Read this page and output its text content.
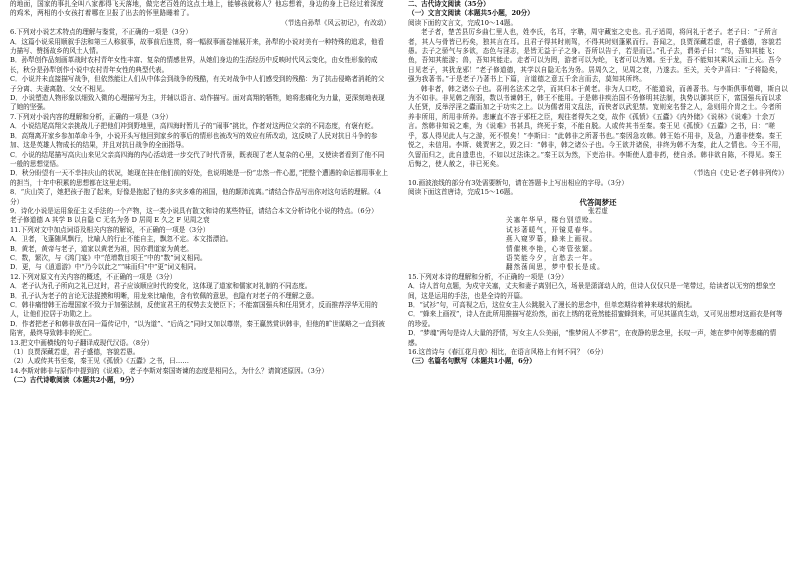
的地面，国家的事扎全叫八家都得飞天落地，做完老百姓的这点土地上，能够孩就称人？他忘想着，身边的身上已经过着深度的鸡米，两相的小女孩打着哪在卫报了出去的怀里路睡着了。

（节选自孙犁《风云初记》，有改动）

6.下列对小说艺术特点的理解与鉴赏，不正确的一项是（3分）

A．这篇小说采用顺叙手法和第三人称叙事，故事前后连贯，将一幅叙事画卷铺展开来，孙犁的小说对美有一种特殊的追求，他看力描写、赞扬故乡的风土人情。

B．孙犁创作品刻画革战时农村青年女性丰富、复杂的情感世界，从她们身边的生活经历中反映时代风云变化，由女性形象的成长，秋分是孙犁创作小说中农村青年女性的典型代表。

C．小说并未直接描写战争，但依然能让人们从中体会到战争的残酷，有关对战争中人们感受到的残酷：为了抗击侵略者消耗的父子分离、夫妻离散、父女不相见。

D．小说塑造人物形象以细致入微的心理描写为主，并辅以语言、动作描写。面对高翔的牺牲，她将悲痛化为力量，更深刻地表现了她的坚强。

7.下列对小说内容的理解和分析，正确的一项是（3分）

A．小说结尾高翔父亲挑战儿子把他们冲到野地里，高四海时暂儿子的“闹事”挑比，作者对这两位父亲的不同态度，有褒有贬。

B．高翔离开家乡参加革命斗争，小说开头写他回到家乡的事后的情形也被改写的效应有所改动，这反映了人民对抗日斗争的参加、这是英雄人物成长的结果，并且对抗日战争的全面指导。

C．小说的结尾描写高庆山来见父亲高四海的内心活动进一步交代了时代背景，既表现了老人复杂的心里，又使读者看到了他不同一般的思想觉悟。

D．秋分盼望有一天不幸挂庆山的状况，她现在挂在他们前的好处，也说明她是一份“忠然一件心愿，”把整个遭遇的命运都用事业上的担当，十年中积累的思想都在这里走明。

8．“庆山笑了，她把孩子抱了起来，好像是抱起了他的多灾多难的祖国，他的颠沛流离。”请结合作品写出你对这句话的理解。（4分）

9．诗化小说是运用象征主义手法的一个产物，这一类小说具有散文和诗的某些特征，请结合本文分析诗化小说的特点。（6分）

老子修道德 A 其学 B 以自隐 C 无名为务 D 居周 E 久之 F 见周之衰

11.下列对文中加点词语及相关内容的解说，不正确的一项是（3分）

A．卫者，飞蓬随风飘行，比喻人的行止不能自主，飘忽不定。本文指漂泊。

B．黄老，黄帝与老子，道家以黄老为祖，因亦谓道家为黄老。

C．数，繁次，与《鸿门宴》中“范增数目项王”中的“数”词义相同。

D．更，与《逍遥游》中“乃今以此之”“味而归”中“更”词义相同。

12.下列对原文有关内容的概述，不正确的一项是（3分）

A．老子认为孔子所向之礼已过时，君子应该顺应时代的变化，这体现了道家和儒家对礼制的不同态度。

B．孔子认为老子的言论无法捉摸和明晰，用龙来比喻他，含有钦佩的意思，也隐有对老子的不理解之意。

C．韩非痛惜韩王治理国家不致力于加强法制，反使宣君王的权势去支使臣下；不能富国强兵和任用贤才，反而推荐浮华无用的人，让他们位居于功勋之上。

D．作者把老子和韩非放在同一篇传记中，“以为道”、“后尚之”同时又加以尊崇，秦王赢然赏识韩非，但他的旷世谋略之一直到被陷害，最终导致韩非的死亡。

13.把文中画横线的句子翻译成现代汉语。（8分）

（1）良贾深藏若虚，君子盛德，容貌若愚。

（2）人或传其书至秦，秦王见《孤愤》《五蠹》之书，曰……

14.李斯对韩非与原作中提到的《说难》，老子李斯对秦国寄谏的态度是相同么，为什么？请简述原因。（3分）

（二）古代诗歌阅读（本题共2小题，9分）

二、古代诗文阅读（35分）

（一）文言文阅读（本题共5小题，20分）

阅读下面的文言文，完成10～14题。

老子者，楚苦县厉乡曲仁里人也，姓李氏，名耳，字聃，周守藏室之史也。孔子适周，将问礼于老子。老子曰：“子所言者，其人与骨皆已朽矣，独其言在耳。且君子得其时则驾，不得其时则蓬累而行。吾闻之，良贾深藏若虚，君子盛德，容貌若愚。去子之骄气与多欲，态色与淫志，是皆无益于子之身。吾所以告子，若是而已。”孔子去，谓弟子曰：“鸟，吾知其能飞；鱼，吾知其能游；兽，吾知其能走。走者可以为罔，游者可以为纶，飞者可以为矰。至于龙，吾不能知其乘风云而上天。吾今日见老子，其犹龙邪！”老子修道德，其学以自隐无名为务。居周久之，见周之衰，乃遂去。至关，关令尹喜曰：“子将隐矣，强为我著书。”于是老子乃著书上下篇，言道德之意五千余言而去，莫知其所终。

韩非者，韩之诸公子也。喜刑名法术之学，而其归本于黄老。非为人口吃，不能道说，而善著书。与李斯俱事荀卿，斯自以为不如非。非见韩之削弱，数以书谏韩王，韩王不能用。于是韩非疾治国不务修明其法制，执势以御其臣下，富国强兵而以求人任贤，反举浮淫之蠹而加之于功实之上。以为儒者用文乱法，而侠者以武犯禁。宽则宠名誉之人，急则用介胄之士。今者所养非所用，所用非所养。悲廉直不容于邪枉之臣，观往者得失之变，故作《孤愤》《五蠹》《内外储》《说林》《说难》十余万言。然韩非知说之难，为《说难》书甚具，终死于秦，不能自脱。人或传其书至秦。秦王见《孤愤》《五蠹》之书，曰：“嗟乎，寡人得见此人与之游，死不恨矣！”李斯曰：“此韩非之所著书也。”秦因急攻韩。韩王始不用非，及急，乃遣非使秦。秦王悦之，未信用。李斯、姚贾害之，毁之曰：“韩非，韩之诸公子也。今王欲并诸侯，非终为韩不为秦，此人之情也。今王不用，久留而归之，此自遗患也，不如以过法诛之。”秦王以为然，下吏治非。李斯使人遗非药，使自杀。韩非欲自陈，不得见。秦王后悔之，使人赦之，非已死矣。

（节选自《史记·老子韩非列传》）

10.画波浪线的部分有3处需要断句，请在答题卡上写出相应的字母。（3分）

阅读下面这首唐诗，完成15～16题。

代答闺梦还

张若虚

关塞年华早，楼台别望赊。

试衫著暖气，开镜觅春华。

燕入窥罗幕，蜂来上画衩。

情催桃李艳，心寄管弦繁。

语笑能今夕，言愁去一年。

翻然荡闺思，梦中恨长是成。

15.下列对本诗的理解和分析，不正确的一项是（3分）

A．诗人首句点题，为戍守关塞，丈夫和妻子离别已久，场景是潇潇动人的，但诗人仅仅只是一笔带过，给读者以无穷的想象空间，这是运用的手法，也是全诗的开篇。

B．“试衫”句，可高视之后，这位女主人公跳脱入了漫长的思念中，但单恋期待着神来球状的烦扰。

C．“蜂来上画衩”，诗人在此所用推描写花纷然，面衣上绣的花竟然能招蜜蜂到来，可见其逼真生动，又可见出想对这画衣是何等的珍爱。

D．“梦魂”两句是诗人大量的抒情，写女主人公美丽，“惟梦闲人不梦君”，在夜静的思念里，长叹一声，她在梦中何等悲痛的情感。

16.这首诗与《春江花月夜》相比，在语言风格上有何不同？（6分）

（三）名篇名句默写（本题共1小题，6分）
